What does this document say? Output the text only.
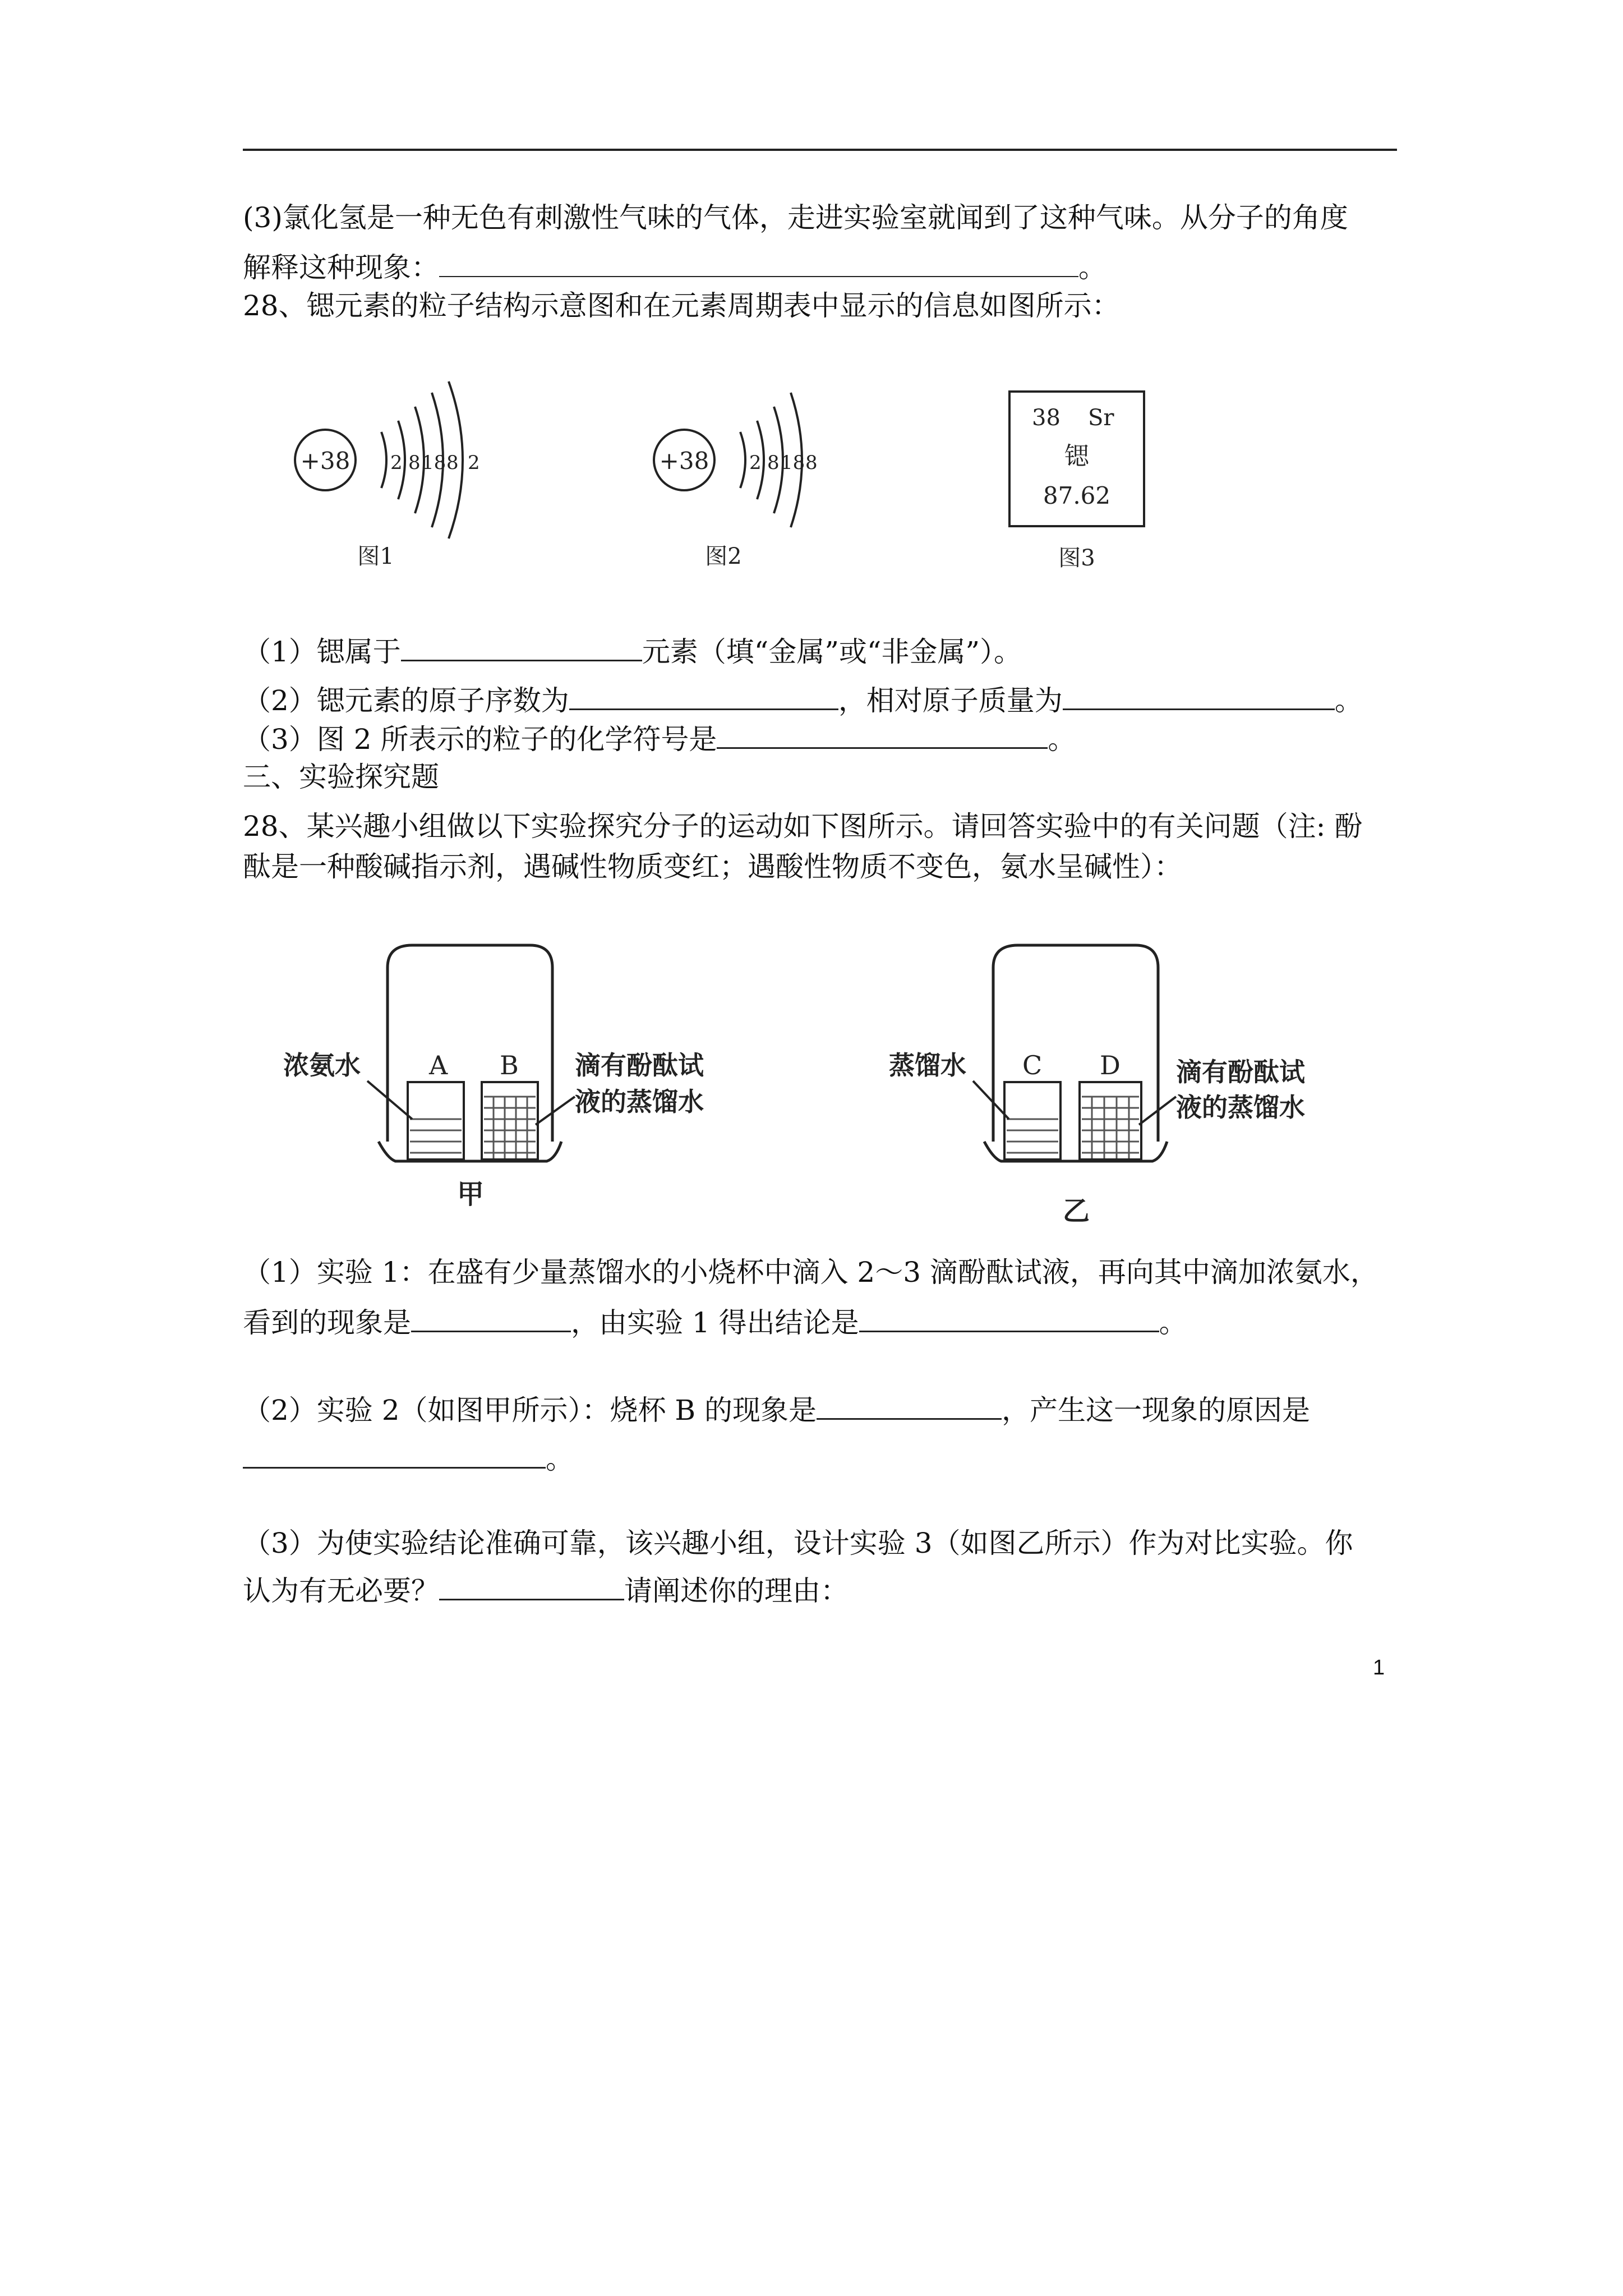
(3)氯化氢是一种无色有刺激性气味的气体，走进实验室就闻到了这种气味。从分子的角度
解释这种现象：	。
28、锶元素的粒子结构示意图和在元素周期表中显示的信息如图所示：
+38 2 8 18 8 2
图1
+38 2 8 18 8
图2
38 Sr
锶
87.62
图3
（1）锶属于	元素（填“金属”或“非金属”）。
（2）锶元素的原子序数为	，相对原子质量为	。
（3）图 2 所表示的粒子的化学符号是	。
三、实验探究题
28、某兴趣小组做以下实验探究分子的运动如下图所示。请回答实验中的有关问题（注: 酚
酞是一种酸碱指示剂，遇碱性物质变红；遇酸性物质不变色，氨水呈碱性）：
浓氨水	A B 滴有酚酞试
液的蒸馏水
甲
蒸馏水 C D 滴有酚酞试
液的蒸馏水
乙
（1）实验 1：在盛有少量蒸馏水的小烧杯中滴入 2～3 滴酚酞试液，再向其中滴加浓氨水，
看到的现象是	，由实验 1 得出结论是	。
（2）实验 2（如图甲所示）：烧杯 B 的现象是	，产生这一现象的原因是
。
（3）为使实验结论准确可靠，该兴趣小组，设计实验 3（如图乙所示）作为对比实验。你
认为有无必要？	请阐述你的理由：
1
